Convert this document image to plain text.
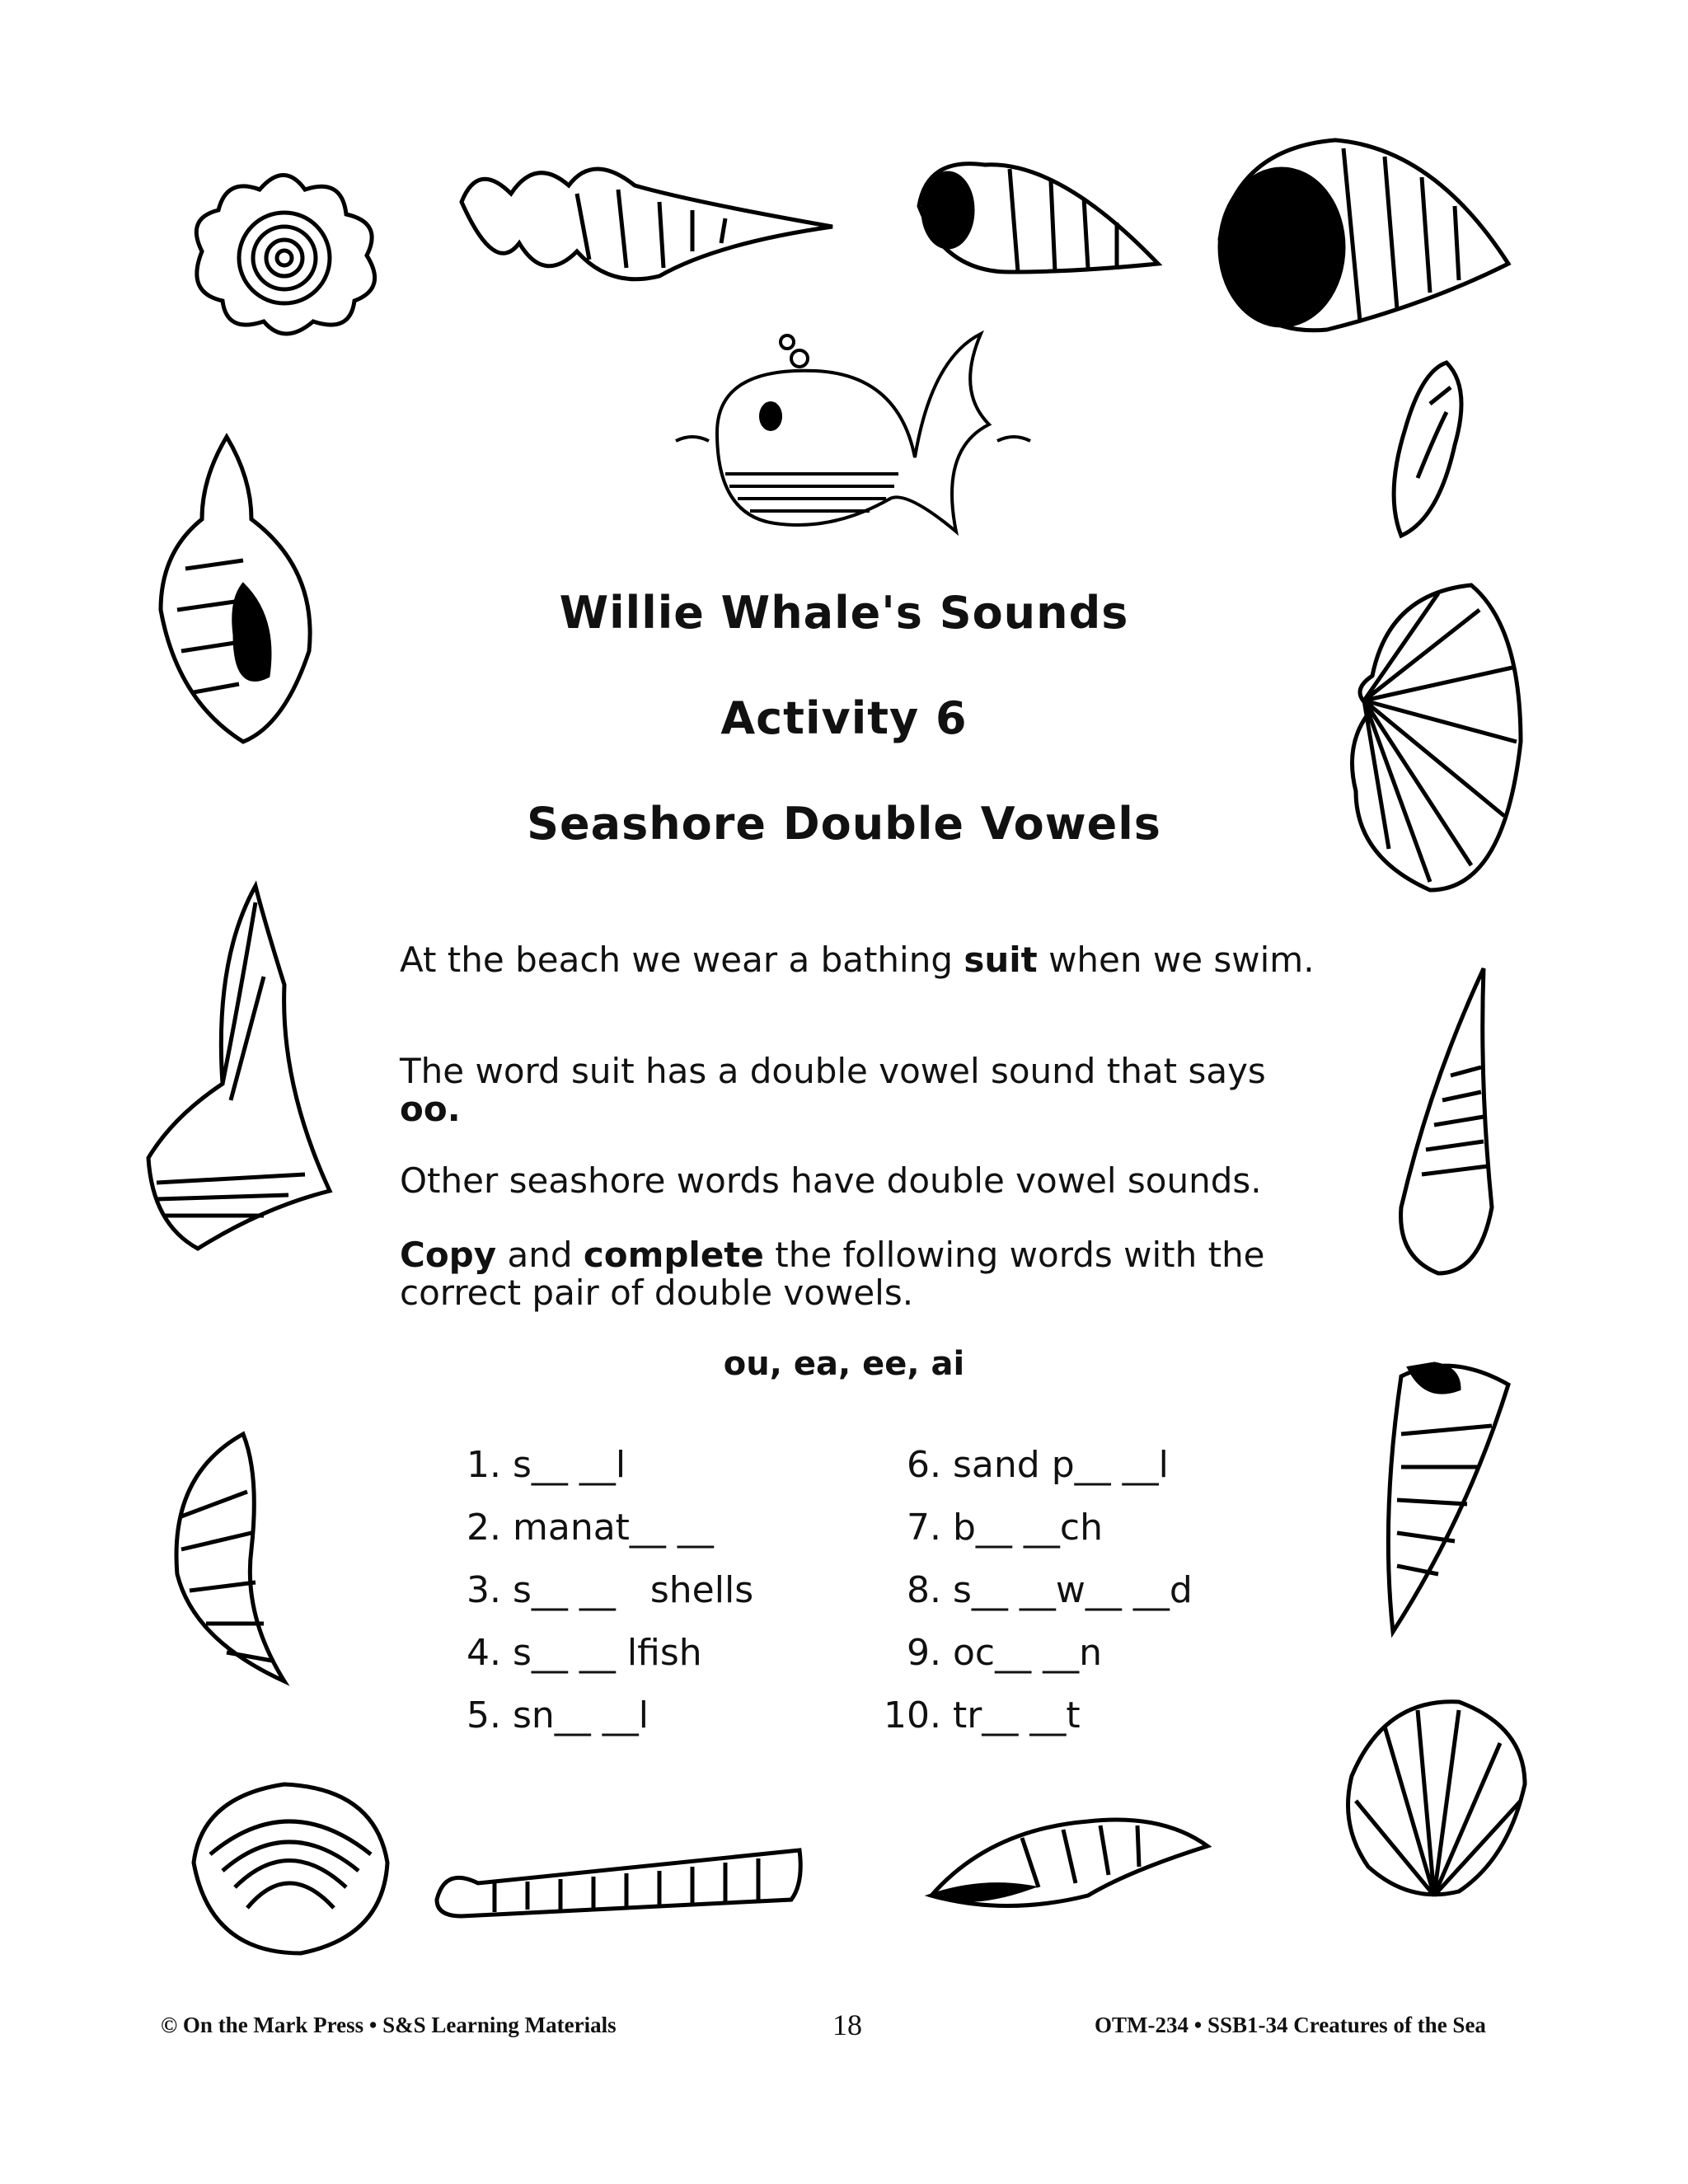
Willie Whale's Sounds
Activity 6
Seashore Double Vowels
At the beach we wear a bathing suit when we swim.
The word suit has a double vowel sound that says
oo.
Other seashore words have double vowel sounds.
Copy and complete the following words with the correct pair of double vowels.
ou, ea, ee, ai
1. s__ __l
2. manat__ __
3. s__ __   shells
4. s__ __ lfish
5. sn__ __l
6. sand p__ __l
7. b__ __ch
8. s__ __w__ __d
9. oc__ __n
10. tr__ __t
© On the Mark Press • S&S Learning Materials	18	OTM-234 • SSB1-34 Creatures of the Sea
